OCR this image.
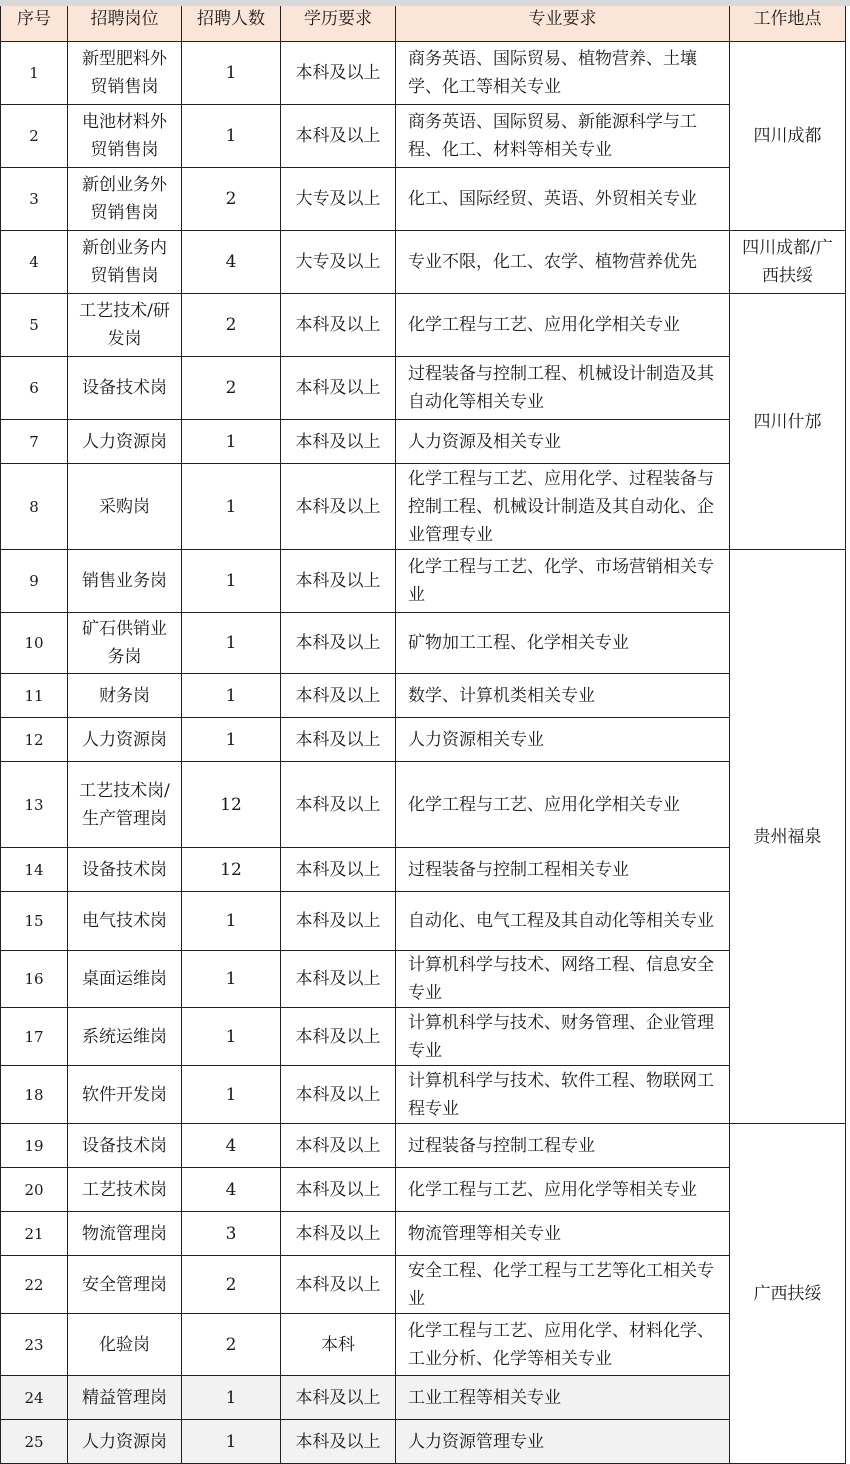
序号	招聘岗位	招聘人数	学历要求	专业要求	工作地点
1	新型肥料外贸销售岗	1	本科及以上	商务英语、国际贸易、植物营养、土壤学、化工等相关专业	四川成都
2	电池材料外贸销售岗	1	本科及以上	商务英语、国际贸易、新能源科学与工程、化工、材料等相关专业	
3	新创业务外贸销售岗	2	大专及以上	化工、国际经贸、英语、外贸相关专业	
4	新创业务内贸销售岗	4	大专及以上	专业不限，化工、农学、植物营养优先	四川成都/广西扶绥
5	工艺技术/研发岗	2	本科及以上	化学工程与工艺、应用化学相关专业	四川什邡
6	设备技术岗	2	本科及以上	过程装备与控制工程、机械设计制造及其自动化等相关专业	
7	人力资源岗	1	本科及以上	人力资源及相关专业	
8	采购岗	1	本科及以上	化学工程与工艺、应用化学、过程装备与控制工程、机械设计制造及其自动化、企业管理专业	
9	销售业务岗	1	本科及以上	化学工程与工艺、化学、市场营销相关专业	贵州福泉
10	矿石供销业务岗	1	本科及以上	矿物加工工程、化学相关专业	
11	财务岗	1	本科及以上	数学、计算机类相关专业	
12	人力资源岗	1	本科及以上	人力资源相关专业	
13	工艺技术岗/生产管理岗	12	本科及以上	化学工程与工艺、应用化学相关专业	
14	设备技术岗	12	本科及以上	过程装备与控制工程相关专业	
15	电气技术岗	1	本科及以上	自动化、电气工程及其自动化等相关专业	
16	桌面运维岗	1	本科及以上	计算机科学与技术、网络工程、信息安全专业	
17	系统运维岗	1	本科及以上	计算机科学与技术、财务管理、企业管理专业	
18	软件开发岗	1	本科及以上	计算机科学与技术、软件工程、物联网工程专业	
19	设备技术岗	4	本科及以上	过程装备与控制工程专业	广西扶绥
20	工艺技术岗	4	本科及以上	化学工程与工艺、应用化学等相关专业	
21	物流管理岗	3	本科及以上	物流管理等相关专业	
22	安全管理岗	2	本科及以上	安全工程、化学工程与工艺等化工相关专业	
23	化验岗	2	本科	化学工程与工艺、应用化学、材料化学、工业分析、化学等相关专业	
24	精益管理岗	1	本科及以上	工业工程等相关专业	
25	人力资源岗	1	本科及以上	人力资源管理专业	
